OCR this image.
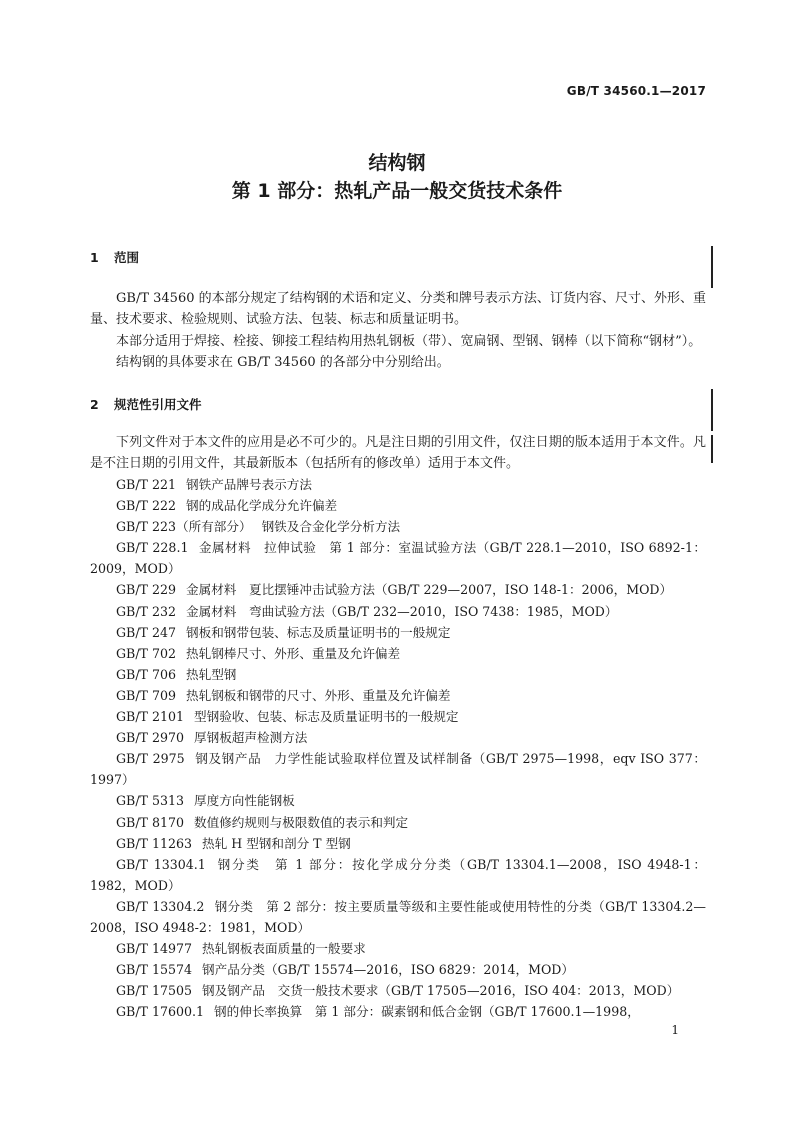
GB/T 34560.1—2017
结构钢
第 1 部分：热轧产品一般交货技术条件
1 范围

GB/T 34560 的本部分规定了结构钢的术语和定义、分类和牌号表示方法、订货内容、尺寸、外形、重量、技术要求、检验规则、试验方法、包装、标志和质量证明书。

本部分适用于焊接、栓接、铆接工程结构用热轧钢板（带）、宽扁钢、型钢、钢棒（以下简称“钢材”）。

结构钢的具体要求在 GB/T 34560 的各部分中分别给出。

2 规范性引用文件

下列文件对于本文件的应用是必不可少的。凡是注日期的引用文件，仅注日期的版本适用于本文件。凡是不注日期的引用文件，其最新版本（包括所有的修改单）适用于本文件。

GB/T 221 钢铁产品牌号表示方法
GB/T 222 钢的成品化学成分允许偏差
GB/T 223（所有部分） 钢铁及合金化学分析方法
GB/T 228.1 金属材料　拉伸试验　第 1 部分：室温试验方法（GB/T 228.1—2010，ISO 6892-1：2009，MOD）
GB/T 229 金属材料　夏比摆锤冲击试验方法（GB/T 229—2007，ISO 148-1：2006，MOD）
GB/T 232 金属材料　弯曲试验方法（GB/T 232—2010，ISO 7438：1985，MOD）
GB/T 247 钢板和钢带包装、标志及质量证明书的一般规定
GB/T 702 热轧钢棒尺寸、外形、重量及允许偏差
GB/T 706 热轧型钢
GB/T 709 热轧钢板和钢带的尺寸、外形、重量及允许偏差
GB/T 2101 型钢验收、包装、标志及质量证明书的一般规定
GB/T 2970 厚钢板超声检测方法
GB/T 2975 钢及钢产品　力学性能试验取样位置及试样制备（GB/T 2975—1998，eqv ISO 377：1997）
GB/T 5313 厚度方向性能钢板
GB/T 8170 数值修约规则与极限数值的表示和判定
GB/T 11263 热轧 H 型钢和剖分 T 型钢
GB/T 13304.1 钢分类　第 1 部分：按化学成分分类（GB/T 13304.1—2008，ISO 4948-1：1982，MOD）
GB/T 13304.2 钢分类　第 2 部分：按主要质量等级和主要性能或使用特性的分类（GB/T 13304.2—2008，ISO 4948-2：1981，MOD）
GB/T 14977 热轧钢板表面质量的一般要求
GB/T 15574 钢产品分类（GB/T 15574—2016，ISO 6829：2014，MOD）
GB/T 17505 钢及钢产品　交货一般技术要求（GB/T 17505—2016，ISO 404：2013，MOD）
GB/T 17600.1 钢的伸长率换算　第 1 部分：碳素钢和低合金钢（GB/T 17600.1—1998，
1
